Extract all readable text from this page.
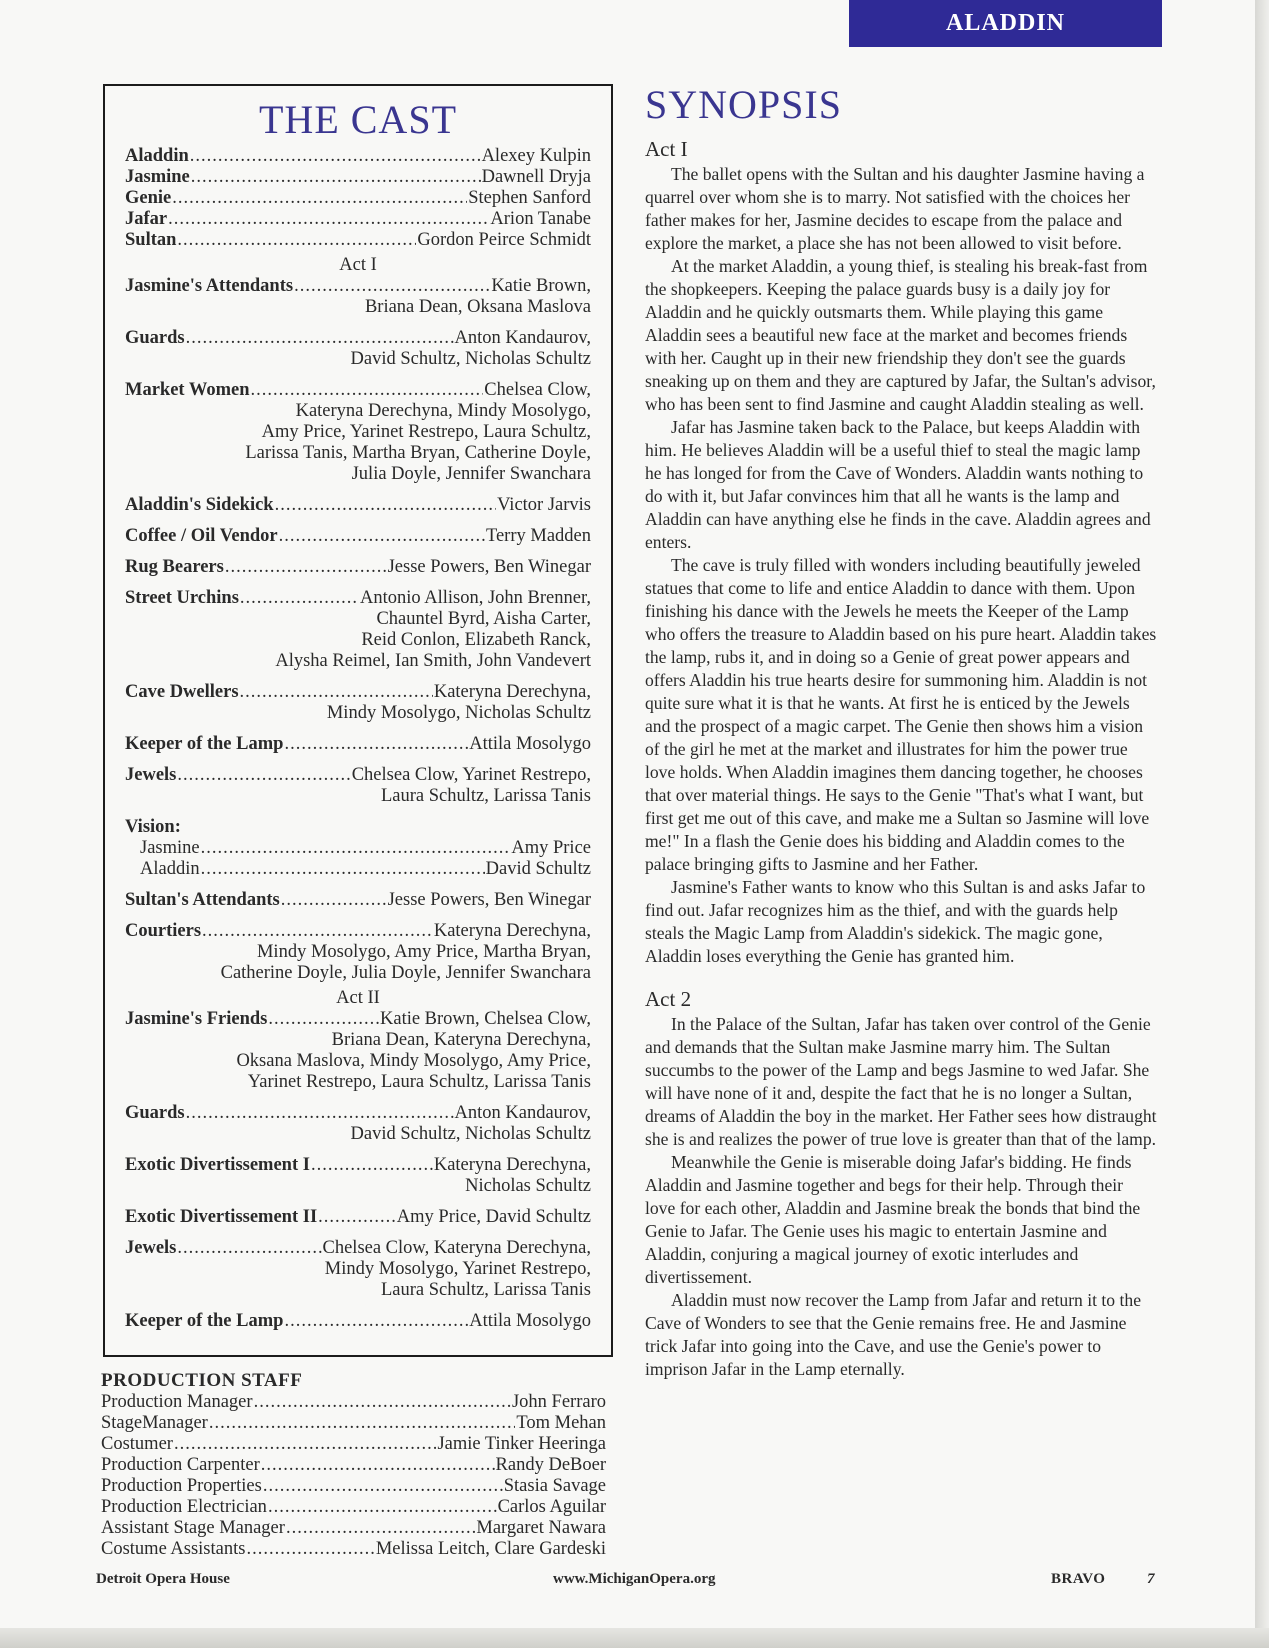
ALADDIN
THE CAST
Aladdin .....	Alexey Kulpin
Jasmine .....	Dawnell Dryja
Genie .....	Stephen Sanford
Jafar .....	Arion Tanabe
Sultan .....	Gordon Peirce Schmidt
Act I
Jasmine's Attendants .....	Katie Brown,
Briana Dean, Oksana Maslova
Guards .....	Anton Kandaurov,
David Schultz, Nicholas Schultz
Market Women .....	Chelsea Clow,
Kateryna Derechyna, Mindy Mosolygo,
Amy Price, Yarinet Restrepo, Laura Schultz,
Larissa Tanis, Martha Bryan, Catherine Doyle,
Julia Doyle, Jennifer Swanchara
Aladdin's Sidekick .....	Victor Jarvis
Coffee / Oil Vendor .....	Terry Madden
Rug Bearers .....	Jesse Powers, Ben Winegar
Street Urchins .....	Antonio Allison, John Brenner,
Chauntel Byrd, Aisha Carter,
Reid Conlon, Elizabeth Ranck,
Alysha Reimel, Ian Smith, John Vandevert
Cave Dwellers .....	Kateryna Derechyna,
Mindy Mosolygo, Nicholas Schultz
Keeper of the Lamp .....	Attila Mosolygo
Jewels .....	Chelsea Clow, Yarinet Restrepo,
Laura Schultz, Larissa Tanis
Vision:
Jasmine .....	Amy Price
Aladdin .....	David Schultz
Sultan's Attendants .....	Jesse Powers, Ben Winegar
Courtiers .....	Kateryna Derechyna,
Mindy Mosolygo, Amy Price, Martha Bryan,
Catherine Doyle, Julia Doyle, Jennifer Swanchara
Act II
Jasmine's Friends .....	Katie Brown, Chelsea Clow,
Briana Dean, Kateryna Derechyna,
Oksana Maslova, Mindy Mosolygo, Amy Price,
Yarinet Restrepo, Laura Schultz, Larissa Tanis
Guards .....	Anton Kandaurov,
David Schultz, Nicholas Schultz
Exotic Divertissement I .....	Kateryna Derechyna,
Nicholas Schultz
Exotic Divertissement II .....	Amy Price, David Schultz
Jewels .....	Chelsea Clow, Kateryna Derechyna,
Mindy Mosolygo, Yarinet Restrepo,
Laura Schultz, Larissa Tanis
Keeper of the Lamp .....	Attila Mosolygo
PRODUCTION STAFF
Production Manager .....	John Ferraro
StageManager .....	Tom Mehan
Costumer .....	Jamie Tinker Heeringa
Production Carpenter .....	Randy DeBoer
Production Properties .....	Stasia Savage
Production Electrician .....	Carlos Aguilar
Assistant Stage Manager .....	Margaret Nawara
Costume Assistants .....	Melissa Leitch, Clare Gardeski
SYNOPSIS
Act I

The ballet opens with the Sultan and his daughter Jasmine having a quarrel over whom she is to marry. Not satisfied with the choices her father makes for her, Jasmine decides to escape from the palace and explore the market, a place she has not been allowed to visit before.

At the market Aladdin, a young thief, is stealing his break-fast from the shopkeepers. Keeping the palace guards busy is a daily joy for Aladdin and he quickly outsmarts them. While playing this game Aladdin sees a beautiful new face at the market and becomes friends with her. Caught up in their new friendship they don't see the guards sneaking up on them and they are captured by Jafar, the Sultan's advisor, who has been sent to find Jasmine and caught Aladdin stealing as well.

Jafar has Jasmine taken back to the Palace, but keeps Aladdin with him. He believes Aladdin will be a useful thief to steal the magic lamp he has longed for from the Cave of Wonders. Aladdin wants nothing to do with it, but Jafar convinces him that all he wants is the lamp and Aladdin can have anything else he finds in the cave. Aladdin agrees and enters.

The cave is truly filled with wonders including beautifully jeweled statues that come to life and entice Aladdin to dance with them. Upon finishing his dance with the Jewels he meets the Keeper of the Lamp who offers the treasure to Aladdin based on his pure heart. Aladdin takes the lamp, rubs it, and in doing so a Genie of great power appears and offers Aladdin his true hearts desire for summoning him. Aladdin is not quite sure what it is that he wants. At first he is enticed by the Jewels and the prospect of a magic carpet. The Genie then shows him a vision of the girl he met at the market and illustrates for him the power true love holds. When Aladdin imagines them dancing together, he chooses that over material things. He says to the Genie "That's what I want, but first get me out of this cave, and make me a Sultan so Jasmine will love me!" In a flash the Genie does his bidding and Aladdin comes to the palace bringing gifts to Jasmine and her Father.

Jasmine's Father wants to know who this Sultan is and asks Jafar to find out. Jafar recognizes him as the thief, and with the guards help steals the Magic Lamp from Aladdin's sidekick. The magic gone, Aladdin loses everything the Genie has granted him.

Act 2

In the Palace of the Sultan, Jafar has taken over control of the Genie and demands that the Sultan make Jasmine marry him. The Sultan succumbs to the power of the Lamp and begs Jasmine to wed Jafar. She will have none of it and, despite the fact that he is no longer a Sultan, dreams of Aladdin the boy in the market. Her Father sees how distraught she is and realizes the power of true love is greater than that of the lamp.

Meanwhile the Genie is miserable doing Jafar's bidding. He finds Aladdin and Jasmine together and begs for their help. Through their love for each other, Aladdin and Jasmine break the bonds that bind the Genie to Jafar. The Genie uses his magic to entertain Jasmine and Aladdin, conjuring a magical journey of exotic interludes and divertissement.

Aladdin must now recover the Lamp from Jafar and return it to the Cave of Wonders to see that the Genie remains free. He and Jasmine trick Jafar into going into the Cave, and use the Genie's power to imprison Jafar in the Lamp eternally.

Detroit Opera House	www.MichiganOpera.org	BRAVO	7
